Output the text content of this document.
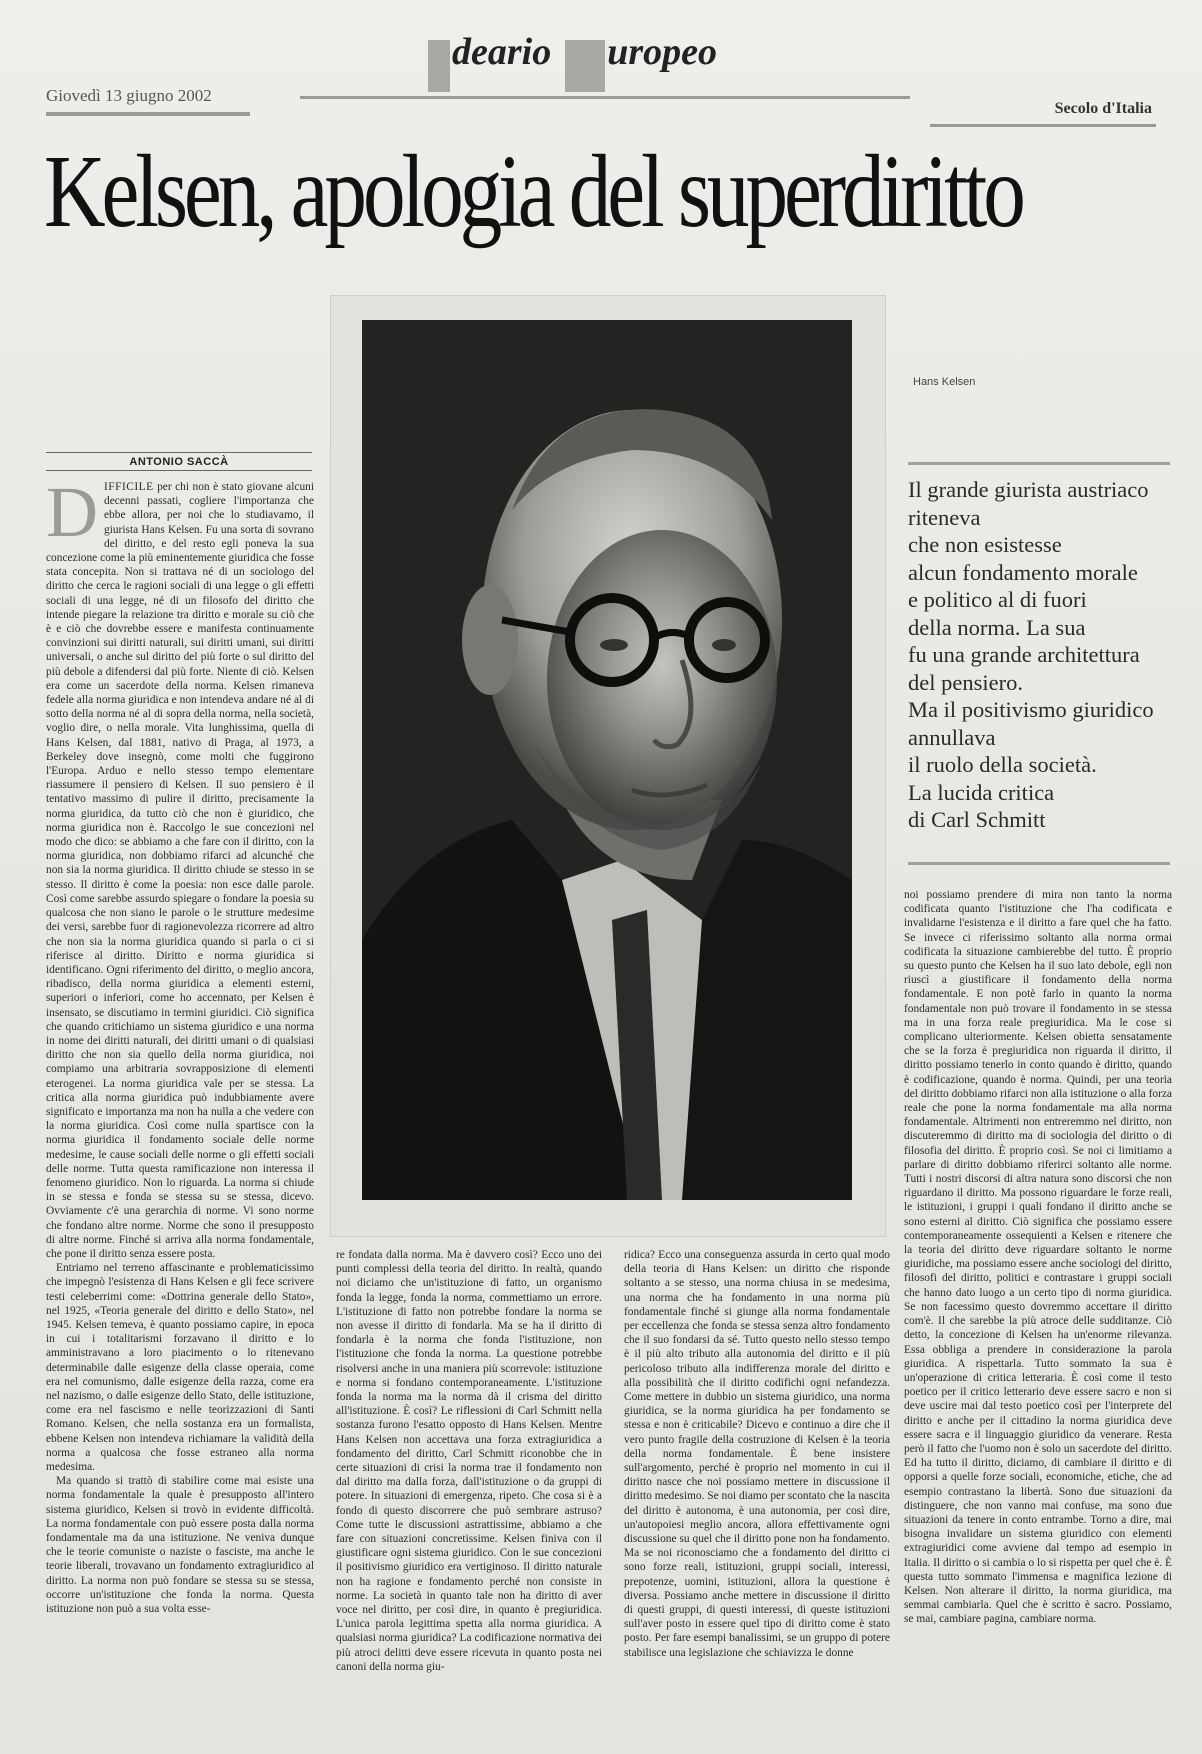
Giovedì 13 giugno 2002
I deario E uropeo
Secolo d'Italia
Kelsen, apologia del superdiritto
Hans Kelsen
ANTONIO SACCÀ

DIFFICILE per chi non è stato giovane alcuni decenni passati, cogliere l'importanza che ebbe allora, per noi che lo studiavamo, il giurista Hans Kelsen. Fu una sorta di sovrano del diritto, e del resto egli poneva la sua concezione come la più eminentemente giuridica che fosse stata concepita. Non si trattava né di un sociologo del diritto che cerca le ragioni sociali di una legge o gli effetti sociali di una legge, né di un filosofo del diritto che intende piegare la relazione tra diritto e morale su ciò che è e ciò che dovrebbe essere e manifesta continuamente convinzioni sui diritti naturali, sui diritti umani, sui diritti universali, o anche sul diritto del più forte o sul diritto del più debole a difendersi dal più forte. Niente di ciò. Kelsen era come un sacerdote della norma. Kelsen rimaneva fedele alla norma giuridica e non intendeva andare né al di sotto della norma né al di sopra della norma, nella società, voglio dire, o nella morale. Vita lunghissima, quella di Hans Kelsen, dal 1881, nativo di Praga, al 1973, a Berkeley dove insegnò, come molti che fuggirono l'Europa. Arduo e nello stesso tempo elementare riassumere il pensiero di Kelsen. Il suo pensiero è il tentativo massimo di pulire il diritto, precisamente la norma giuridica, da tutto ciò che non è giuridico, che norma giuridica non è. Raccolgo le sue concezioni nel modo che dico: se abbiamo a che fare con il diritto, con la norma giuridica, non dobbiamo rifarci ad alcunché che non sia la norma giuridica. Il diritto chiude se stesso in se stesso. Il diritto è come la poesia: non esce dalle parole. Così come sarebbe assurdo spiegare o fondare la poesia su qualcosa che non siano le parole o le strutture medesime dei versi, sarebbe fuor di ragionevolezza ricorrere ad altro che non sia la norma giuridica quando si parla o ci si riferisce al diritto. Diritto e norma giuridica si identificano. Ogni riferimento del diritto, o meglio ancora, ribadisco, della norma giuridica a elementi esterni, superiori o inferiori, come ho accennato, per Kelsen è insensato, se discutiamo in termini giuridici. Ciò significa che quando critichiamo un sistema giuridico e una norma in nome dei diritti naturali, dei diritti umani o di qualsiasi diritto che non sia quello della norma giuridica, noi compiamo una arbitraria sovrapposizione di elementi eterogenei. La norma giuridica vale per se stessa. La critica alla norma giuridica può indubbiamente avere significato e importanza ma non ha nulla a che vedere con la norma giuridica. Così come nulla spartisce con la norma giuridica il fondamento sociale delle norme medesime, le cause sociali delle norme o gli effetti sociali delle norme. Tutta questa ramificazione non interessa il fenomeno giuridico. Non lo riguarda. La norma si chiude in se stessa e fonda se stessa su se stessa, dicevo. Ovviamente c'è una gerarchia di norme. Vi sono norme che fondano altre norme. Norme che sono il presupposto di altre norme. Finché si arriva alla norma fondamentale, che pone il diritto senza essere posta.

Entriamo nel terreno affascinante e problematicissimo che impegnò l'esistenza di Hans Kelsen e gli fece scrivere testi celeberrimi come: «Dottrina generale dello Stato», nel 1925, «Teoria generale del diritto e dello Stato», nel 1945. Kelsen temeva, è quanto possiamo capire, in epoca in cui i totalitarismi forzavano il diritto e lo amministravano a loro piacimento o lo ritenevano determinabile dalle esigenze della classe operaia, come era nel comunismo, dalle esigenze della razza, come era nel nazismo, o dalle esigenze dello Stato, delle istituzione, come era nel fascismo e nelle teorizzazioni di Santi Romano. Kelsen, che nella sostanza era un formalista, ebbene Kelsen non intendeva richiamare la validità della norma a qualcosa che fosse estraneo alla norma medesima.

Ma quando si trattò di stabilire come mai esiste una norma fondamentale la quale è presupposto all'intero sistema giuridico, Kelsen si trovò in evidente difficoltà. La norma fondamentale con può essere posta dalla norma fondamentale ma da una istituzione. Ne veniva dunque che le teorie comuniste o naziste o fasciste, ma anche le teorie liberali, trovavano un fondamento extragiuridico al diritto. La norma non può fondare se stessa su se stessa, occorre un'istituzione che fonda la norma. Questa istituzione non può a sua volta esse-

re fondata dalla norma. Ma è davvero così? Ecco uno dei punti complessi della teoria del diritto. In realtà, quando noi diciamo che un'istituzione di fatto, un organismo fonda la legge, fonda la norma, commettiamo un errore. L'istituzione di fatto non potrebbe fondare la norma se non avesse il diritto di fondarla. Ma se ha il diritto di fondarla è la norma che fonda l'istituzione, non l'istituzione che fonda la norma. La questione potrebbe risolversi anche in una maniera più scorrevole: istituzione e norma si fondano contemporaneamente. L'istituzione fonda la norma ma la norma dà il crisma del diritto all'istituzione. È così? Le riflessioni di Carl Schmitt nella sostanza furono l'esatto opposto di Hans Kelsen. Mentre Hans Kelsen non accettava una forza extragiuridica a fondamento del diritto, Carl Schmitt riconobbe che in certe situazioni di crisi la norma trae il fondamento non dal diritto ma dalla forza, dall'istituzione o da gruppi di potere. In situazioni di emergenza, ripeto. Che cosa si è a fondo di questo discorrere che può sembrare astruso? Come tutte le discussioni astrattissime, abbiamo a che fare con situazioni concretissime. Kelsen finiva con il giustificare ogni sistema giuridico. Con le sue concezioni il positivismo giuridico era vertiginoso. Il diritto naturale non ha ragione e fondamento perché non consiste in norme. La società in quanto tale non ha diritto di aver voce nel diritto, per così dire, in quanto è pregiuridica. L'unica parola legittima spetta alla norma giuridica. A qualsiasi norma giuridica? La codificazione normativa dei più atroci delitti deve essere ricevuta in quanto posta nei canoni della norma giu-

ridica? Ecco una conseguenza assurda in certo qual modo della teoria di Hans Kelsen: un diritto che risponde soltanto a se stesso, una norma chiusa in se medesima, una norma che ha fondamento in una norma più fondamentale finché si giunge alla norma fondamentale per eccellenza che fonda se stessa senza altro fondamento che il suo fondarsi da sé. Tutto questo nello stesso tempo è il più alto tributo alla autonomia del diritto e il più pericoloso tributo alla indifferenza morale del diritto e alla possibilità che il diritto codifichi ogni nefandezza. Come mettere in dubbio un sistema giuridico, una norma giuridica, se la norma giuridica ha per fondamento se stessa e non è criticabile? Dicevo e continuo a dire che il vero punto fragile della costruzione di Kelsen è la teoria della norma fondamentale. È bene insistere sull'argomento, perché è proprio nel momento in cui il diritto nasce che noi possiamo mettere in discussione il diritto medesimo. Se noi diamo per scontato che la nascita del diritto è autonoma, è una autonomia, per così dire, un'autopoiesi meglio ancora, allora effettivamente ogni discussione su quel che il diritto pone non ha fondamento. Ma se noi riconosciamo che a fondamento del diritto ci sono forze reali, istituzioni, gruppi sociali, interessi, prepotenze, uomini, istituzioni, allora la questione è diversa. Possiamo anche mettere in discussione il diritto di questi gruppi, di questi interessi, di queste istituzioni sull'aver posto in essere quel tipo di diritto come è stato posto. Per fare esempi banalissimi, se un gruppo di potere stabilisce una legislazione che schiavizza le donne

Il grande giurista austriaco
riteneva
che non esistesse
alcun fondamento morale
e politico al di fuori
della norma. La sua
fu una grande architettura
del pensiero.
Ma il positivismo giuridico
annullava
il ruolo della società.
La lucida critica
di Carl Schmitt

noi possiamo prendere di mira non tanto la norma codificata quanto l'istituzione che l'ha codificata e invalidarne l'esistenza e il diritto a fare quel che ha fatto. Se invece ci riferissimo soltanto alla norma ormai codificata la situazione cambierebbe del tutto. È proprio su questo punto che Kelsen ha il suo lato debole, egli non riuscì a giustificare il fondamento della norma fondamentale. E non potè farlo in quanto la norma fondamentale non può trovare il fondamento in se stessa ma in una forza reale pregiuridica. Ma le cose si complicano ulteriormente. Kelsen obietta sensatamente che se la forza è pregiuridica non riguarda il diritto, il diritto possiamo tenerlo in conto quando è diritto, quando è codificazione, quando è norma. Quindi, per una teoria del diritto dobbiamo rifarci non alla istituzione o alla forza reale che pone la norma fondamentale ma alla norma fondamentale. Altrimenti non entreremmo nel diritto, non discuteremmo di diritto ma di sociologia del diritto o di filosofia del diritto. È proprio così. Se noi ci limitiamo a parlare di diritto dobbiamo riferirci soltanto alle norme. Tutti i nostri discorsi di altra natura sono discorsi che non riguardano il diritto. Ma possono riguardare le forze reali, le istituzioni, i gruppi i quali fondano il diritto anche se sono esterni al diritto. Ciò significa che possiamo essere contemporaneamente ossequienti a Kelsen e ritenere che la teoria del diritto deve riguardare soltanto le norme giuridiche, ma possiamo essere anche sociologi del diritto, filosofi del diritto, politici e contrastare i gruppi sociali che hanno dato luogo a un certo tipo di norma giuridica. Se non facessimo questo dovremmo accettare il diritto com'è. Il che sarebbe la più atroce delle sudditanze. Ciò detto, la concezione di Kelsen ha un'enorme rilevanza. Essa obbliga a prendere in considerazione la parola giuridica. A rispettarla. Tutto sommato la sua è un'operazione di critica letteraria. È così come il testo poetico per il critico letterario deve essere sacro e non si deve uscire mai dal testo poetico così per l'interprete del diritto e anche per il cittadino la norma giuridica deve essere sacra e il linguaggio giuridico da venerare. Resta però il fatto che l'uomo non è solo un sacerdote del diritto. Ed ha tutto il diritto, diciamo, di cambiare il diritto e di opporsi a quelle forze sociali, economiche, etiche, che ad esempio contrastano la libertà. Sono due situazioni da distinguere, che non vanno mai confuse, ma sono due situazioni da tenere in conto entrambe. Torno a dire, mai bisogna invalidare un sistema giuridico con elementi extragiuridici come avviene dal tempo ad esempio in Italia. Il diritto o si cambia o lo si rispetta per quel che è. È questa tutto sommato l'immensa e magnifica lezione di Kelsen. Non alterare il diritto, la norma giuridica, ma semmai cambiarla. Quel che è scritto è sacro. Possiamo, se mai, cambiare pagina, cambiare norma.
